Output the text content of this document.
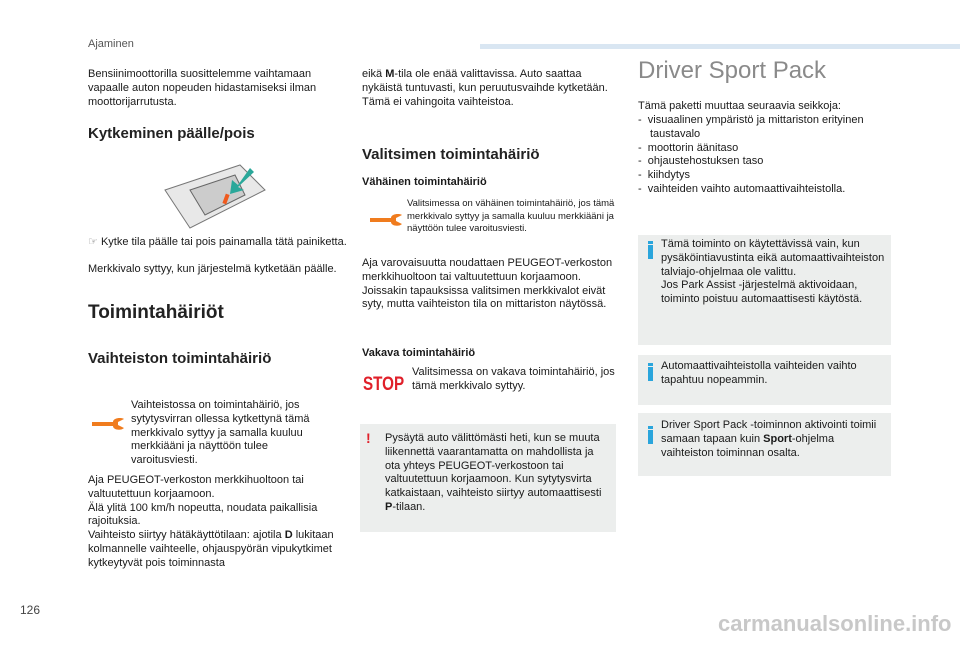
Ajaminen

Bensiinimoottorilla suosittelemme vaihtamaan vapaalle auton nopeuden hidastamiseksi ilman moottorijarrutusta.

Kytkeminen päälle/pois

☞ Kytke tila päälle tai pois painamalla tätä painiketta.

Merkkivalo syttyy, kun järjestelmä kytketään päälle.

Toimintahäiriöt
Vaihteiston toimintahäiriö

Vaihteistossa on toimintahäiriö, jos sytytysvirran ollessa kytkettynä tämä merkkivalo syttyy ja samalla kuuluu merkkiääni ja näyttöön tulee varoitusviesti.

Aja PEUGEOT-verkoston merkkihuoltoon tai valtuutettuun korjaamoon.
Älä ylitä 100 km/h nopeutta, noudata paikallisia rajoituksia.
Vaihteisto siirtyy hätäkäyttötilaan: ajotila D lukitaan kolmannelle vaihteelle, ohjauspyörän vipukytkimet kytkeytyvät pois toiminnasta

eikä M-tila ole enää valittavissa. Auto saattaa nykäistä tuntuvasti, kun peruutusvaihde kytketään. Tämä ei vahingoita vaihteistoa.

Valitsimen toimintahäiriö
Vähäinen toimintahäiriö

Valitsimessa on vähäinen toimintahäiriö, jos tämä merkkivalo syttyy ja samalla kuuluu merkkiääni ja näyttöön tulee varoitusviesti.

Aja varovaisuutta noudattaen PEUGEOT-verkoston merkkihuoltoon tai valtuutettuun korjaamoon.
Joissakin tapauksissa valitsimen merkkivalot eivät syty, mutta vaihteiston tila on mittariston näytössä.

Vakava toimintahäiriö
STOP

Valitsimessa on vakava toimintahäiriö, jos tämä merkkivalo syttyy.

! Pysäytä auto välittömästi heti, kun se muuta liikennettä vaarantamatta on mahdollista ja ota yhteys PEUGEOT-verkostoon tai valtuutettuun korjaamoon. Kun sytytysvirta katkaistaan, vaihteisto siirtyy automaattisesti P-tilaan.

Driver Sport Pack

Tämä paketti muuttaa seuraavia seikkoja:

-  visuaalinen ympäristö ja mittariston erityinen taustavalo

-  moottorin äänitaso

-  ohjaustehostuksen taso

-  kiihdytys

-  vaihteiden vaihto automaattivaihteistolla.

Tämä toiminto on käytettävissä vain, kun pysäköintiavustinta eikä automaattivaihteiston talviajo-ohjelmaa ole valittu.
Jos Park Assist -järjestelmä aktivoidaan, toiminto poistuu automaattisesti käytöstä.

Automaattivaihteistolla vaihteiden vaihto tapahtuu nopeammin.

Driver Sport Pack -toiminnon aktivointi toimii samaan tapaan kuin Sport-ohjelma vaihteiston toiminnan osalta.

126
carmanualsonline.info
